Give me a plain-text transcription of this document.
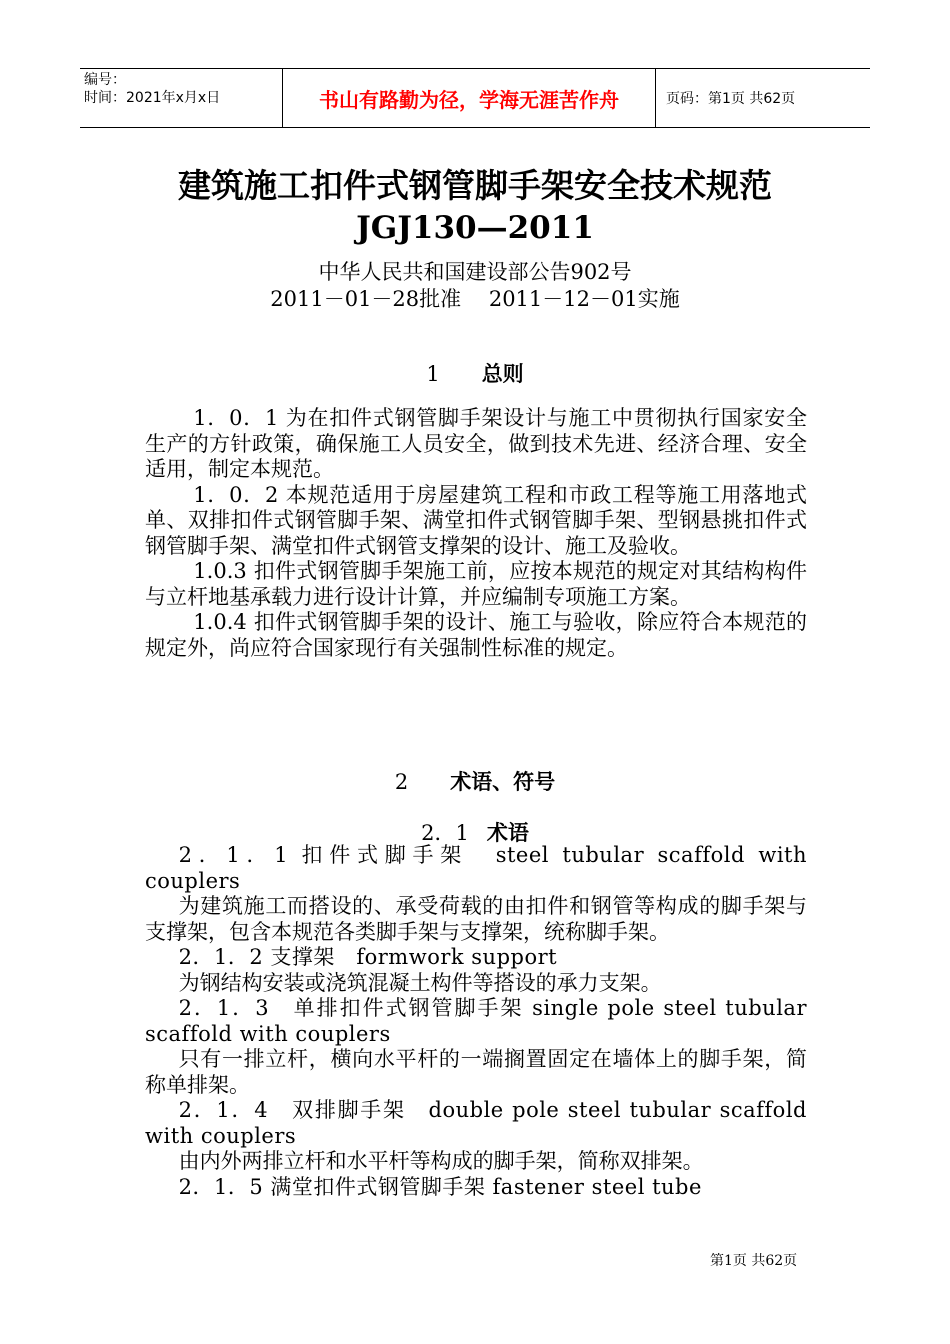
编号：
时间：2021年x月x日	书山有路勤为径，学海无涯苦作舟	页码：第1页 共62页
建筑施工扣件式钢管脚手架安全技术规范
JGJ130—2011
中华人民共和国建设部公告902号
2011－01－28批准　 2011－12－01实施
1 总则

1．0．1 为在扣件式钢管脚手架设计与施工中贯彻执行国家安全生产的方针政策，确保施工人员安全，做到技术先进、经济合理、安全适用，制定本规范。

1．0．2 本规范适用于房屋建筑工程和市政工程等施工用落地式单、双排扣件式钢管脚手架、满堂扣件式钢管脚手架、型钢悬挑扣件式钢管脚手架、满堂扣件式钢管支撑架的设计、施工及验收。

1.0.3 扣件式钢管脚手架施工前，应按本规范的规定对其结构构件与立杆地基承载力进行设计计算，并应编制专项施工方案。

1.0.4 扣件式钢管脚手架的设计、施工与验收，除应符合本规范的规定外，尚应符合国家现行有关强制性标准的规定。

2 术语、符号
2．1 术语

2．1．1 扣件式脚手架　steel tubular scaffold with couplers

为建筑施工而搭设的、承受荷载的由扣件和钢管等构成的脚手架与支撑架，包含本规范各类脚手架与支撑架，统称脚手架。

2．1．2 支撑架　formwork support

为钢结构安装或浇筑混凝土构件等搭设的承力支架。

2．1．3　单排扣件式钢管脚手架 single pole steel tubular scaffold with couplers

只有一排立杆，横向水平杆的一端搁置固定在墙体上的脚手架，简称单排架。

2．1．4　双排脚手架　double pole steel tubular scaffold with couplers

由内外两排立杆和水平杆等构成的脚手架，简称双排架。

2．1．5 满堂扣件式钢管脚手架 fastener steel tube

第1页 共62页
